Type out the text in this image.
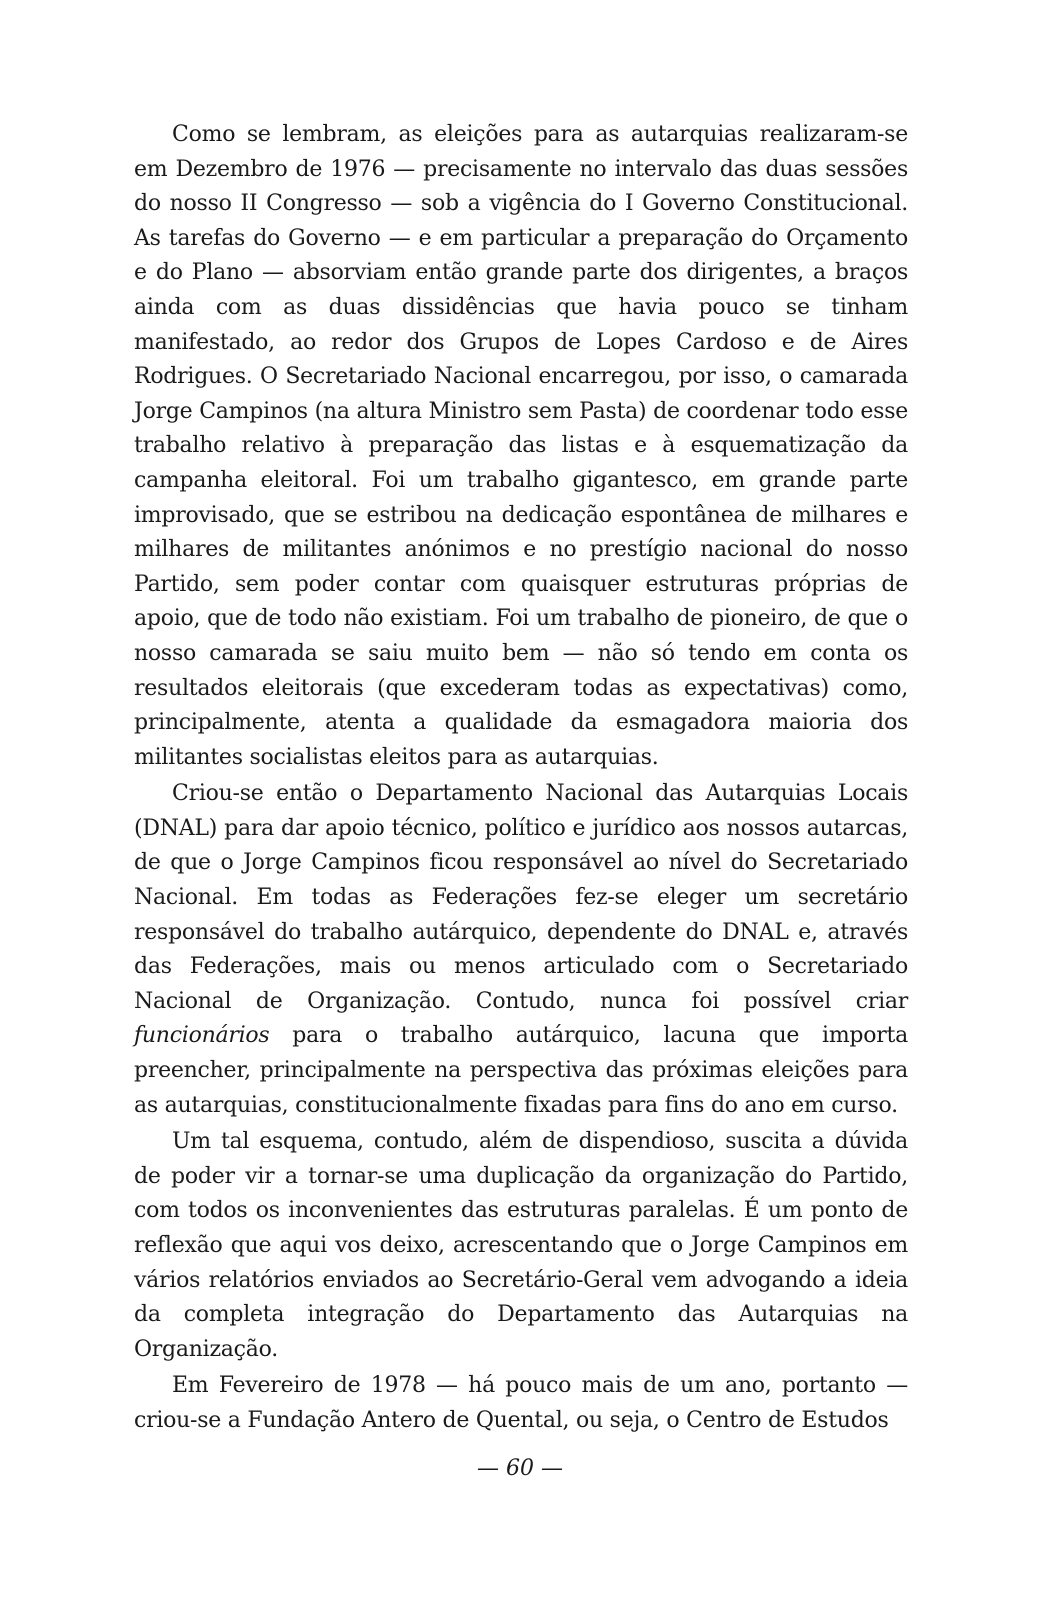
Como se lembram, as eleições para as autarquias realizaram-se em Dezembro de 1976 — precisamente no intervalo das duas sessões do nosso II Congresso — sob a vigência do I Governo Constitucional. As tarefas do Governo — e em particular a preparação do Orçamento e do Plano — absorviam então grande parte dos dirigentes, a braços ainda com as duas dissidências que havia pouco se tinham manifestado, ao redor dos Grupos de Lopes Cardoso e de Aires Rodrigues. O Secretariado Nacional encarregou, por isso, o camarada Jorge Campinos (na altura Ministro sem Pasta) de coordenar todo esse trabalho relativo à preparação das listas e à esquematização da campanha eleitoral. Foi um trabalho gigantesco, em grande parte improvisado, que se estribou na dedicação espontânea de milhares e milhares de militantes anónimos e no prestígio nacional do nosso Partido, sem poder contar com quaisquer estruturas próprias de apoio, que de todo não existiam. Foi um trabalho de pioneiro, de que o nosso camarada se saiu muito bem — não só tendo em conta os resultados eleitorais (que excederam todas as expectativas) como, principalmente, atenta a qualidade da esmagadora maioria dos militantes socialistas eleitos para as autarquias.

Criou-se então o Departamento Nacional das Autarquias Locais (DNAL) para dar apoio técnico, político e jurídico aos nossos autarcas, de que o Jorge Campinos ficou responsável ao nível do Secretariado Nacional. Em todas as Federações fez-se eleger um secretário responsável do trabalho autárquico, dependente do DNAL e, através das Federações, mais ou menos articulado com o Secretariado Nacional de Organização. Contudo, nunca foi possível criar funcionários para o trabalho autárquico, lacuna que importa preencher, principalmente na perspectiva das próximas eleições para as autarquias, constitucionalmente fixadas para fins do ano em curso.

Um tal esquema, contudo, além de dispendioso, suscita a dúvida de poder vir a tornar-se uma duplicação da organização do Partido, com todos os inconvenientes das estruturas paralelas. É um ponto de reflexão que aqui vos deixo, acrescentando que o Jorge Campinos em vários relatórios enviados ao Secretário-Geral vem advogando a ideia da completa integração do Departamento das Autarquias na Organização.

Em Fevereiro de 1978 — há pouco mais de um ano, portanto — criou-se a Fundação Antero de Quental, ou seja, o Centro de Estudos

— 60 —
